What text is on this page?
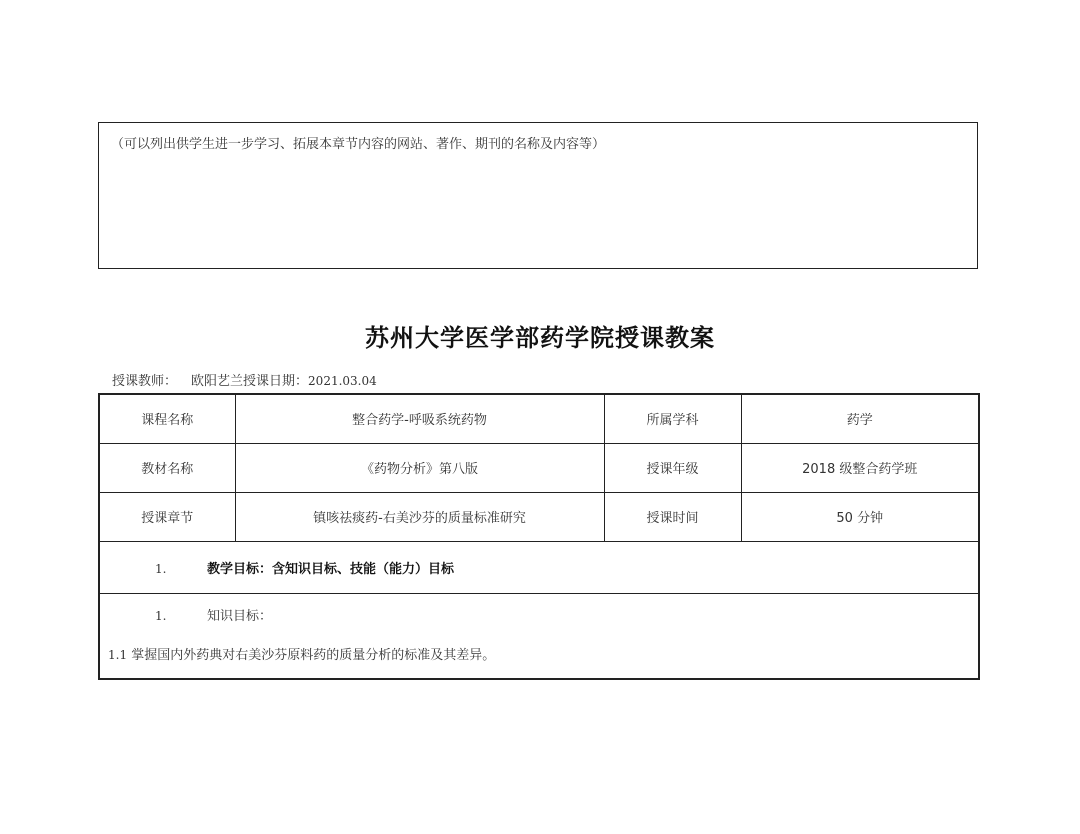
（可以列出供学生进一步学习、拓展本章节内容的网站、著作、期刊的名称及内容等）
苏州大学医学部药学院授课教案
授课教师： 欧阳艺兰授课日期：2021.03.04
课程名称	整合药学-呼吸系统药物	所属学科	药学
教材名称	《药物分析》第八版	授课年级	2018 级整合药学班
授课章节	镇咳祛痰药-右美沙芬的质量标准研究	授课时间	50 分钟
1. 教学目标：含知识目标、技能（能力）目标			

1. 知识目标：
1.1 掌握国内外药典对右美沙芬原料药的质量分析的标准及其差异。			
